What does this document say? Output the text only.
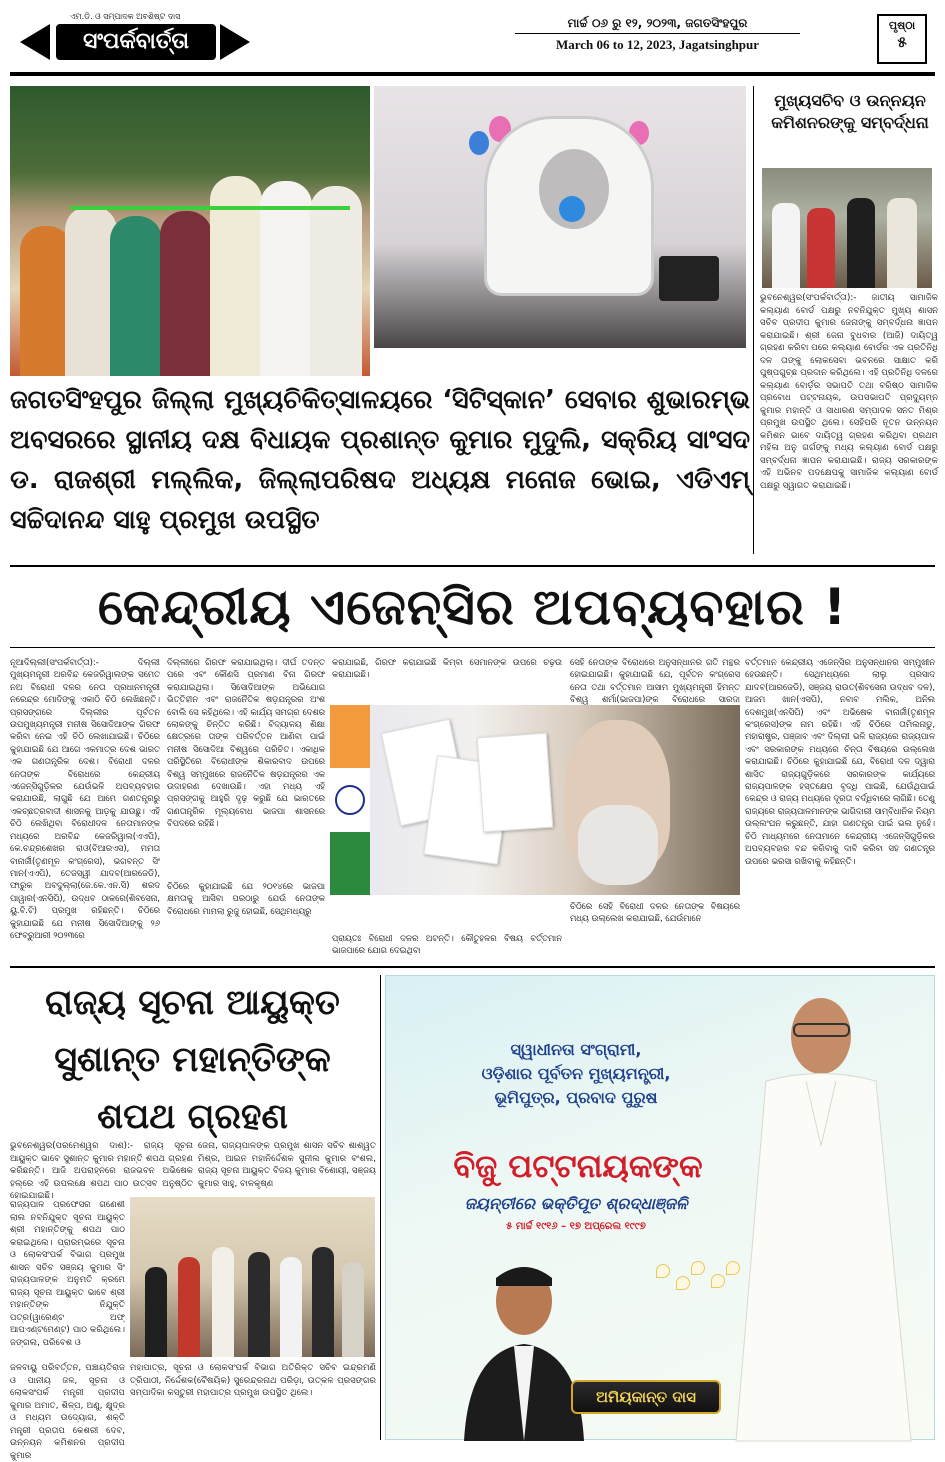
ଏମ.ଡି. ଓ ସମ୍ପାଦକ ଅବଶିଷ୍ଟ ଦାସ
ସଂପର୍କବାର୍ତ୍ତା
ମାର୍ଚ୍ଚ ୦୬ ରୁ ୧୨, ୨୦୨୩, ଜଗତସିଂହପୁର
March 06 to 12, 2023, Jagatsinghpur
ପୃଷ୍ଠା
୫
ମୁଖ୍ୟସଚିବ ଓ ଉନ୍ନୟନ କମିଶନରଙ୍କୁ ସମ୍ବର୍ଦ୍ଧନା
ଭୁବନେଶ୍ୱର(ସଂପର୍କବାର୍ତ୍ତା):- ଜାତୀୟ ସାମାଜିକ କଲ୍ୟାଣ ବୋର୍ଡ ପକ୍ଷରୁ ନବନିଯୁକ୍ତ ମୁଖ୍ୟ ଶାସନ ସଚିବ ପ୍ରଦୀପ କୁମାର ଜେନାଙ୍କୁ ସମ୍ବର୍ଦ୍ଧନା ଜ୍ଞାପନ କରାଯାଇଛି। ଶ୍ରୀ ଜେନା ବୁଧବାର (ଆଜି) ଦାୟିତ୍ୱ ଗ୍ରହଣ କରିବା ପରେ କଲ୍ୟାଣ ବୋର୍ଡର ଏକ ପ୍ରତିନିଧି ଦଳ ତାଙ୍କୁ ଲୋକସେବା ଭବନରେ ସାକ୍ଷାତ କରି ପୁଷ୍ପଗୁଚ୍ଛ ପ୍ରଦାନ କରିଥିଲେ। ଏହି ପ୍ରତିନିଧି ଦଳରେ କଲ୍ୟାଣ ବୋର୍ଡ଼ର ସଭାପତି ତଥା ବରିଷ୍ଠ ସାମାଜିକ ପ୍ରବୋଧ ପଟ୍ଟନାୟକ, ଉପସଭାପତି ପ୍ରଦ୍ୟୁମ୍ନ କୁମାର ମହାନ୍ତି ଓ ସାଧାରଣ ସମ୍ପାଦକ ସନତ ମିଶ୍ର ପ୍ରମୁଖ ଉପସ୍ଥିତ ଥିଲେ। ସେହିପରି ନୂତନ ଉନ୍ନୟନ କମିଶନ ଭାବେ ଦାୟିତ୍ୱ ଗ୍ରହଣ କରିଥିବା ପ୍ରଥମ ମହିଳା ଅନୁ ଗର୍ଗଙ୍କୁ ମଧ୍ୟ କଲ୍ୟାଣ ବୋର୍ଡ ପକ୍ଷରୁ ସମ୍ବର୍ଦ୍ଧନା ଜ୍ଞାପନ କରାଯାଇଛି। ରାଜ୍ୟ ସରକାରଙ୍କ ଏହି ଅଭିନବ ପଦକ୍ଷେପକୁ ସାମାଜିକ କଲ୍ୟାଣ ବୋର୍ଡ ପକ୍ଷରୁ ସ୍ୱାଗତ କରାଯାଇଛି।
ଜଗତସିଂହପୁର ଜିଲ୍ଲା ମୁଖ୍ୟଚିକିତ୍ସାଳୟରେ ‘ସିଟିସ୍କାନ’ ସେବାର ଶୁଭାରମ୍ଭ ଅବସରରେ ସ୍ଥାନୀୟ ଦକ୍ଷ ବିଧାୟକ ପ୍ରଶାନ୍ତ କୁମାର ମୁଦୁଲି, ସକ୍ରିୟ ସାଂସଦ ଡ. ରାଜଶ୍ରୀ ମଲ୍ଲିକ, ଜିଲ୍ଲାପରିଷଦ ଅଧ୍ୟକ୍ଷ ମନୋଜ ଭୋଇ, ଏଡିଏମ୍ ସଚ୍ଚିଦାନନ୍ଦ ସାହୁ ପ୍ରମୁଖ ଉପସ୍ଥିତ
କେନ୍ଦ୍ରୀୟ ଏଜେନ୍ସିର ଅପବ୍ୟବହାର !
ନୂଆଦିଲ୍ଲୀ(ସଂପର୍କବାର୍ତ୍ତା):- ଦିଲ୍ଲୀ ମୁଖ୍ୟମନ୍ତ୍ରୀ ଅରବିନ୍ଦ କେଜରିୱାଲଙ୍କ ସମେତ ନଅ ବିରୋଧୀ ଦଳର ନେତା ପ୍ରଧାନମନ୍ତ୍ରୀ ନରେନ୍ଦ୍ର ମୋଦିଙ୍କୁ ଏକାଠି ଚିଠି ଲେଖିଛନ୍ତି। ପ୍ରସଙ୍ଗରେ ଦିଲ୍ଲୀର ପୂର୍ବତନ ଉପମୁଖ୍ୟମନ୍ତ୍ରୀ ମନୀଷ ସିସୋଦିଆଙ୍କ ଗିରଫ କରିବା ନେଇ ଏହି ଚିଠି ଲେଖାଯାଇଛି। ଚିଠିରେ କୁହାଯାଇଛି ଯେ ଆଗେ ଏକମାତ୍ର ଦେଶ ଭାରତ ଏକ ଗଣତାନ୍ତ୍ରିକ ଦେଶ। ବିରୋଧୀ ଦଳର ନେତାଙ୍କ ବିରୋଧରେ କେନ୍ଦ୍ରୀୟ ଏଜେନ୍ସିଗୁଡ଼ିକର ଯେଉଁଭଳି ଅପବ୍ୟବହାର କରାଯାଉଛି, ଲାଗୁଛି ଯେ ଆମେ ଗଣତନ୍ତ୍ରରୁ ଏକଚ୍ଛତ୍ରବାଦୀ ଶାସନକୁ ଆଡ଼କୁ ଯାଉଛୁ। ଏହି ଚିଠି ଲେଖିଥିବା ବିରୋଧୀଦଳ ନେତାମାନଙ୍କ ମଧ୍ୟରେ ଅରବିନ୍ଦ କେଜରିୱାଲ(ଏଏପି), କେ.ଚନ୍ଦ୍ରଶେଖର ରାଓ(ବିଆରଏସ), ମମତା ବାନାର୍ଜୀ(ତୃଣମୂଳ କଂଗ୍ରେସ), ଭଗବନ୍ତ ସିଂ ମାନ(ଏଏପି), ତେଜସ୍ୱୀ ଯାଦବ(ଆରଜେଡି), ଫାରୁକ ଅବଦୁଲ୍ଲା(ଜେ.କେ.ଏନ.ସି) ଶରଦ ପାୱାର(ଏନସିପି), ଉଦ୍ଧବ ଠାକରେ(ଶିବସେନା, ୟୁ.ବି.ଟି) ପ୍ରମୁଖ ରହିଛନ୍ତି। ଚିଠିରେ କୁହାଯାଇଛି ଯେ ମନୀଷ ସିସୋଦିଆଙ୍କୁ ୨୬ ଫେବ୍ରୁଆରୀ ୨୦୨୩ରେ
ଦିଲ୍ଲୀରେ ଗିରଫ କରାଯାଇଥିଲା। ଦୀର୍ଘ ତଦନ୍ତ ପରେ ଏବଂ କୌଣସି ପ୍ରମାଣ ବିନା ଗିରଫ କରାଯାଇଥିଲା। ସିସୋଦିଆଙ୍କ ଅଭିଯୋଗ ଭିତ୍ତିହୀନ ଏବଂ ରାଜନୈତିକ ଷଡ଼ଯନ୍ତ୍ରର ଅଂଶ ବୋଲି ସେ କହିଥିଲେ। ଏହି କାର୍ଯ୍ୟ ସମଗ୍ର ଦେଶର ଲୋକଙ୍କୁ ଚିନ୍ତିତ କରିଛି। ବିଦ୍ୟାଳୟ ଶିକ୍ଷା କ୍ଷେତ୍ରରେ ତାଙ୍କ ପରିବର୍ତ୍ତନ ଆଣିବା ପାଇଁ ମନୀଷ ସିସୋଦିଆ ବିଶ୍ୱରେ ପରିଚିତ। ଏକାଧିକ ପରିସ୍ଥିତିରେ ବିରୋଧୀଙ୍କ ଶିକାରବାଦ ଉପରେ ବିଶ୍ୱ ସମ୍ମୁଖରେ ରାଜନୈତିକ ଷଡ଼ଯନ୍ତ୍ରର ଏକ ଉଦାହରଣ ଦେଖାଉଛି। ଏହା ମଧ୍ୟ ଏହି ପ୍ରସଙ୍ଗକୁ ଆହୁରି ଦୃଢ଼ କରୁଛି ଯେ ଭାରତରେ ଗଣତାନ୍ତ୍ରିକ ମୂଲ୍ୟବୋଧ ଭାଜପା ଶାସନରେ ବିପଦରେ ରହିଛି।
ଚିଠିରେ କୁହାଯାଇଛି ଯେ ୨୦୧୪ରେ ଭାଜପା କ୍ଷମତାକୁ ଆସିବା ପରଠାରୁ ଯେଉଁ ନେତାଙ୍କ ବିରୋଧରେ ମାମଲା ରୁଜୁ ହୋଇଛି, ସେଥିମଧ୍ୟରୁ
କରାଯାଇଛି, ଗିରଫ କରାଯାଇଛି କିମ୍ବା ସେମାନଙ୍କ ଉପରେ ଚଢ଼ଉ କରାଯାଇଛି।
ପ୍ରାୟତଃ ବିରୋଧୀ ଦଳର ଅଟନ୍ତି। କୌତୁହଳର ବିଷୟ ବର୍ତ୍ତମାନ ଭାଜପାରେ ଯୋଗ ଦେଇଥିବା
ସେହି ନେତାଙ୍କ ବିରୋଧରେ ଅନୁସନ୍ଧାନର ଗତି ମନ୍ଥର ହୋଇଯାଇଛି। କୁହାଯାଇଛି ଯେ, ପୂର୍ବତନ କଂଗ୍ରେସ ନେତା ତଥା ବର୍ତ୍ତମାନ ଆସାମ ମୁଖ୍ୟମନ୍ତ୍ରୀ ହିମନ୍ତ ବିଶ୍ୱ ଶର୍ମା(ଭାଜପା)ଙ୍କ ବିରୋଧରେ ସାରଦା
ବର୍ତ୍ତମାନ କେନ୍ଦ୍ରୀୟ ଏଜେନ୍ସିର ଅନୁସନ୍ଧାନର ସମ୍ମୁଖୀନ ହେଉଛନ୍ତି। ସେଥିମଧ୍ୟରେ ଲାଲୁ ପ୍ରସାଦ ଯାଦବ(ଆରଜେଡି), ସଞ୍ଜୟ ରାଉତ(ଶିବସେନା ଉଦ୍ଧବ ଦଳ), ଆଜମ ଖାନ(ଏସପି), ନବାବ ମଲିକ, ଅନିଲ ଦେଶମୁଖ(ଏନସିପି) ଏବଂ ଅଭିଷେକ ବାନାର୍ଜୀ(ତୃଣମୂଳ କଂଗ୍ରେସ)ଙ୍କ ନାମ ରହିଛି। ଏହି ଚିଠିରେ ତାମିଲନାଡୁ, ମହାରାଷ୍ଟ୍ର, ପଞ୍ଜାବ ଏବଂ ଦିଲ୍ଲୀ ଭଳି ରାଜ୍ୟରେ ରାଜ୍ୟପାଳ ଏବଂ ସରକାରଙ୍କ ମଧ୍ୟରେ ଚିନ୍ତା ବିଷୟରେ ଉଲ୍ଲେଖ କରାଯାଇଛି। ଚିଠିରେ କୁହାଯାଇଛି ଯେ, ବିରୋଧୀ ଦଳ ଦ୍ୱାରା ଶାସିତ ରାଜ୍ୟଗୁଡ଼ିକରେ ସରକାରଙ୍କ କାର୍ଯ୍ୟରେ ରାଜ୍ୟପାଳଙ୍କ ହସ୍ତକ୍ଷେପ ବୃଦ୍ଧି ପାଇଛି, ଯେଉଁଥିପାଇଁ କେନ୍ଦ୍ର ଓ ରାଜ୍ୟ ମଧ୍ୟରେ ଦୂରତା ବର୍ଦ୍ଧିବାରେ ଲାଗିଛି। ତେଣୁ ରାଜ୍ୟରେ ରାଜ୍ୟପାଳମାନଙ୍କ ଭାଗିଦାରୀ ସାମ୍ବିଧାନିକ ନିୟମ ଉଲ୍ଲଂଘନ କରୁଛନ୍ତି, ଯାହା ଗଣତନ୍ତ୍ର ପାଇଁ ଭଲ ନୁହେଁ। ଚିଠି ମାଧ୍ୟମରେ ନେତାମାନେ କେନ୍ଦ୍ରୀୟ ଏଜେନ୍ସିଗୁଡ଼ିକର ଅପବ୍ୟବହାର ବନ୍ଦ କରିବାକୁ ଦାବି କରିବା ସହ ଗଣତନ୍ତ୍ର ଉପରେ ଭରସା ରଖିବାକୁ କହିଛନ୍ତି।
ଚିଠିରେ ସେହି ବିରୋଧୀ ଦଳର ନେତାଙ୍କ ବିଷୟରେ ମଧ୍ୟ ଉଲ୍ଲେଖ କରାଯାଇଛି, ଯେଉଁମାନେ
ରାଜ୍ୟ ସୂଚନା ଆୟୁକ୍ତ
ସୁଶାନ୍ତ ମହାନ୍ତିଙ୍କ
ଶପଥ ଗ୍ରହଣ
ଭୁବନେଶ୍ୱର(ପରମେଶ୍ୱର ଦାଶ):- ରାଜ୍ୟ ସୂଚନା ଆୟୁକ୍ତ ଭାବେ ସୁଶାନ୍ତ କୁମାର ମହାନ୍ତି ଶପଥ ଗ୍ରହଣ କରିଛନ୍ତି। ଆଜି ଅପରାହ୍ନରେ ରାଜଭବନ ଅଭିଷେକ ହଲ୍‌ରେ ଏହି ଉପଲକ୍ଷେ ଶପଥ ପାଠ ଉତ୍ସବ ଅନୁଷ୍ଠିତ ହୋଇଯାଇଛି।
ରାଜ୍ୟପାଳ ପ୍ରଫେସର ଗଣେଶୀ ଲାଲ ନବନିଯୁକ୍ତ ସୂଚନା ଆୟୁକ୍ତ ଶ୍ରୀ ମହାନ୍ତିଙ୍କୁ ଶପଥ ପାଠ କରାଇଥିଲେ। ପ୍ରାରମ୍ଭରେ ସୂଚନା ଓ ଲୋକସଂପର୍କ ବିଭାଗ ପ୍ରମୁଖ ଶାସନ ସଚିବ ସଞ୍ଜୟ କୁମାର ସିଂ ରାଜ୍ୟପାଳଙ୍କ ଅନୁମତି କ୍ରମେ ରାଜ୍ୟ ସୂଚନା ଆୟୁକ୍ତ ଭାବେ ଶ୍ରୀ ମହାନ୍ତିଙ୍କ ନିଯୁକ୍ତି ପତ୍ର(ୱାରେଣ୍ଟ ଅଫ୍ ଆପଏଣ୍ଟମେଣ୍ଟ) ପାଠ କରିଥିଲେ। ଜଙ୍ଗଲ, ପରିବେଶ ଓ
ଜଳବାୟୁ ପରିବର୍ତ୍ତନ, ପଞ୍ଚାୟତିରାଜ ଓ ପାନୀୟ ଜଳ, ସୂଚନା ଓ ଲୋକସଂପର୍କ ମନ୍ତ୍ରୀ ପ୍ରଦୀପ କୁମାର ଅମାତ, ଶିଳ୍ପ, ଅଣୁ, କ୍ଷୁଦ୍ର ଓ ମଧ୍ୟମ ଉଦ୍ୟୋଗ, ଶକ୍ତି ମନ୍ତ୍ରୀ ପ୍ରତାପ କେଶରୀ ଦେବ, ଉନ୍ନୟନ କମିଶନର ପ୍ରଦୀପ କୁମାର
ଜେନା, ରାଜ୍ୟପାଳଙ୍କ ପ୍ରମୁଖ ଶାସନ ସଚିବ ଶାଶ୍ୱତ ମିଶ୍ର, ଆଇନ ମହାନିର୍ଦ୍ଦେଶକ ସୁନୀଲ କୁମାର ବଂଶଲ, ରାଜ୍ୟ ସୂଚନା ଆୟୁକ୍ତ ବିଜୟ କୁମାର ବିଶୋୟୀ, ସଞ୍ଜୟ କୁମାର ସାହୁ, ବାଳକୃଷ୍ଣ
ମହାପାତ୍ର, ସୂଚନା ଓ ଲୋକସଂପର୍କ ବିଭାଗ ଅତିରିକ୍ତ ସଚିବ ଇନ୍ଦ୍ରମଣି ତ୍ରିପାଠୀ, ନିର୍ଦ୍ଦେଶକ(ବୈଷୟିକ) ସୁରେନ୍ଦ୍ରନାଥ ପରିଡ଼ା, ଉତ୍କଳ ପ୍ରସଙ୍ଗର ସମ୍ପାଦିକା କସ୍ତୁରୀ ମହାପାତ୍ର ପ୍ରମୁଖ ଉପସ୍ଥିତ ଥିଲେ।
ସ୍ୱାଧୀନତା ସଂଗ୍ରାମୀ,
ଓଡ଼ିଶାର ପୂର୍ବତନ ମୁଖ୍ୟମନ୍ତ୍ରୀ,
ଭୂମିପୁତ୍ର, ପ୍ରବାଦ ପୁରୁଷ
ବିଜୁ ପଟ୍ଟନାୟକଙ୍କ
ଜୟନ୍ତୀରେ ଭକ୍ତିପୂତ ଶ୍ରଦ୍ଧାଞ୍ଜଳି
୫ ମାର୍ଚ୍ଚ ୧୯୧୬ – ୧୭ ଅପ୍ରେଲ ୧୯୯୭
ଅମିୟକାନ୍ତ ଦାସ
